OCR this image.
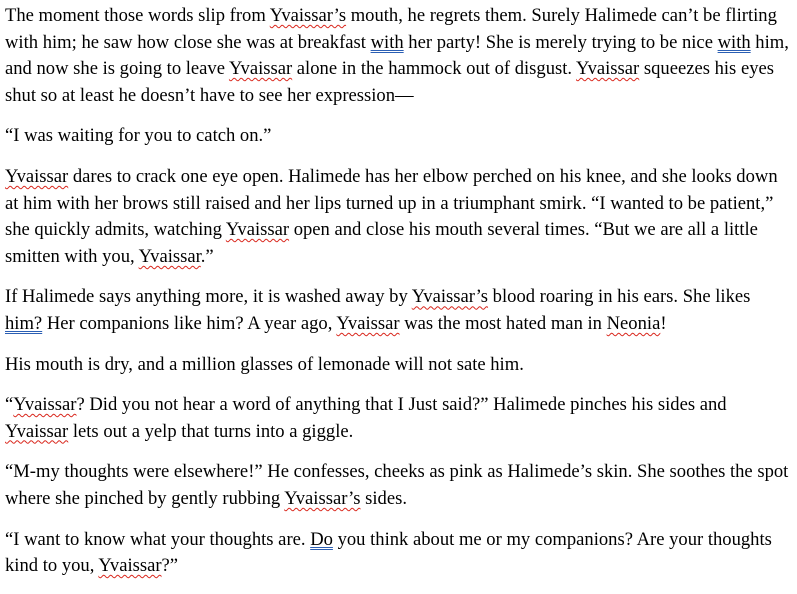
The moment those words slip from Yvaissar’s mouth, he regrets them. Surely Halimede can’t be flirting with him; he saw how close she was at breakfast with her party! She is merely trying to be nice with him, and now she is going to leave Yvaissar alone in the hammock out of disgust. Yvaissar squeezes his eyes shut so at least he doesn’t have to see her expression—

“I was waiting for you to catch on.”

Yvaissar dares to crack one eye open. Halimede has her elbow perched on his knee, and she looks down at him with her brows still raised and her lips turned up in a triumphant smirk. “I wanted to be patient,” she quickly admits, watching Yvaissar open and close his mouth several times. “But we are all a little smitten with you, Yvaissar.”

If Halimede says anything more, it is washed away by Yvaissar’s blood roaring in his ears. She likes him? Her companions like him? A year ago, Yvaissar was the most hated man in Neonia!

His mouth is dry, and a million glasses of lemonade will not sate him.

“Yvaissar? Did you not hear a word of anything that I Just said?” Halimede pinches his sides and Yvaissar lets out a yelp that turns into a giggle.

“M-my thoughts were elsewhere!” He confesses, cheeks as pink as Halimede’s skin. She soothes the spot where she pinched by gently rubbing Yvaissar’s sides.

“I want to know what your thoughts are. Do you think about me or my companions? Are your thoughts kind to you, Yvaissar?”
